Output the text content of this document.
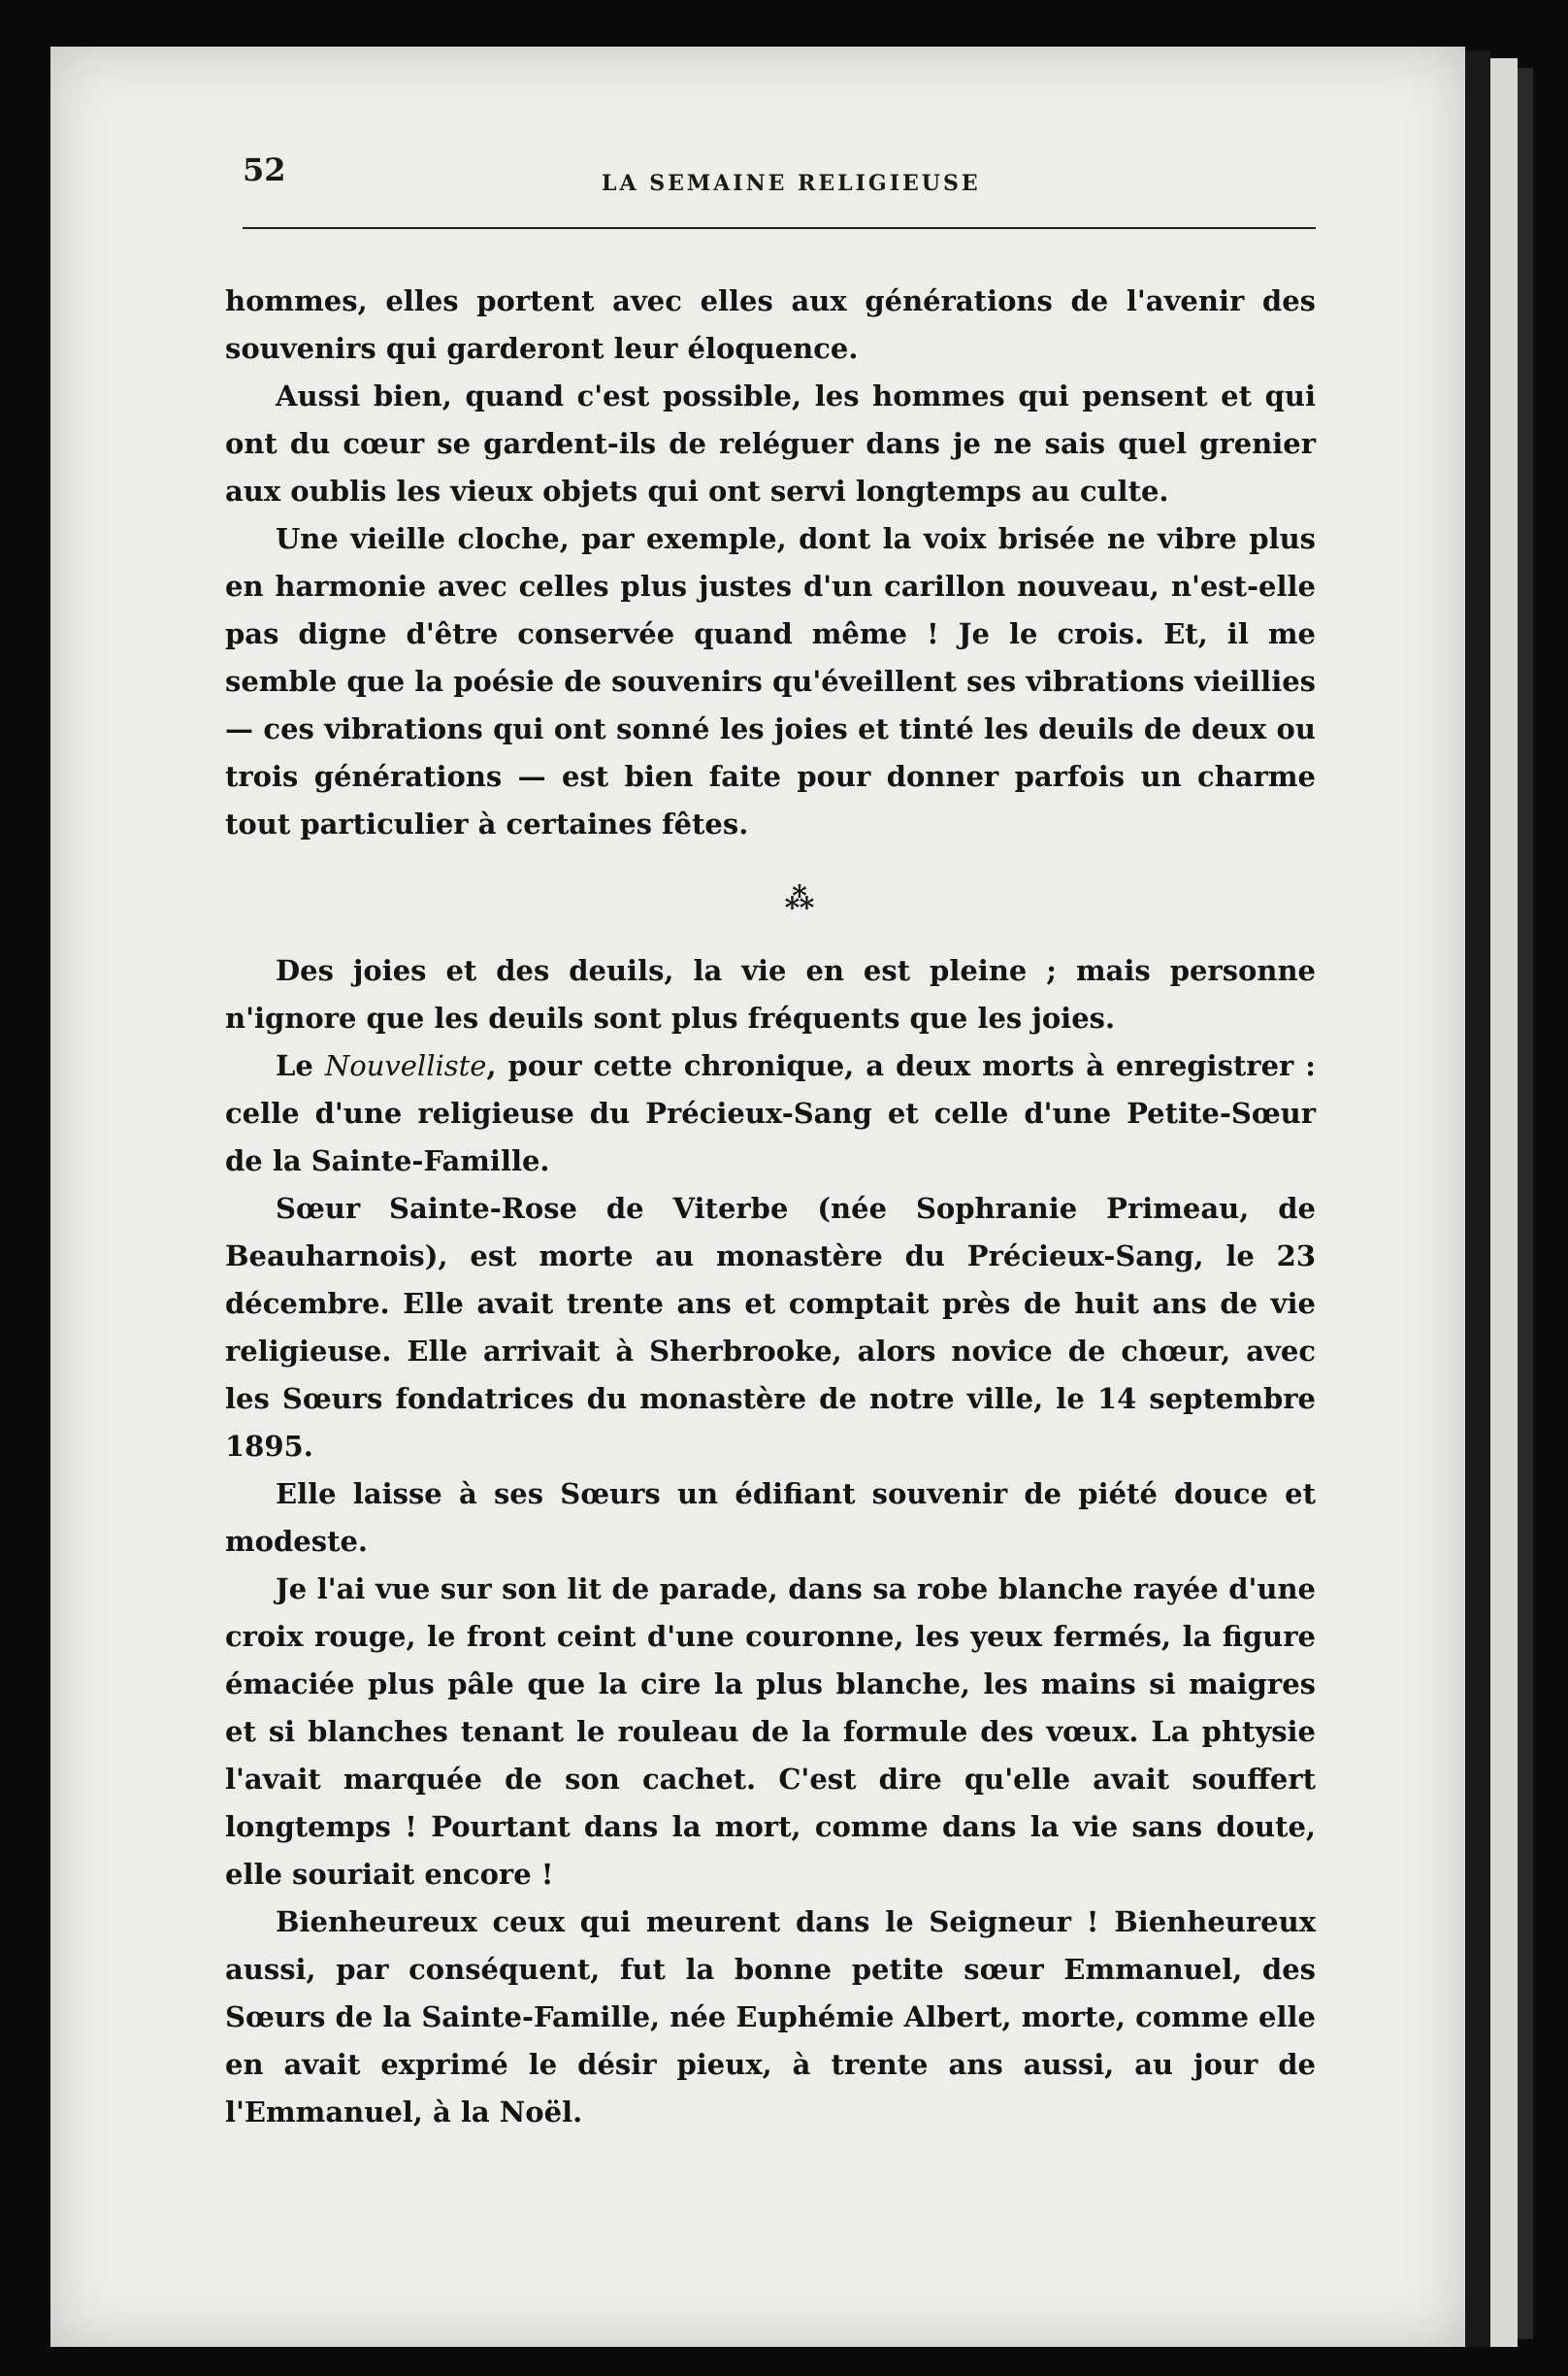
52	LA SEMAINE RELIGIEUSE

hommes, elles portent avec elles aux générations de l'avenir des souvenirs qui garderont leur éloquence.

Aussi bien, quand c'est possible, les hommes qui pensent et qui ont du cœur se gardent-ils de reléguer dans je ne sais quel grenier aux oublis les vieux objets qui ont servi longtemps au culte.

Une vieille cloche, par exemple, dont la voix brisée ne vibre plus en harmonie avec celles plus justes d'un carillon nouveau, n'est-elle pas digne d'être conservée quand même ! Je le crois. Et, il me semble que la poésie de souvenirs qu'éveillent ses vibrations vieillies — ces vibrations qui ont sonné les joies et tinté les deuils de deux ou trois générations — est bien faite pour donner parfois un charme tout particulier à certaines fêtes.

⁂

Des joies et des deuils, la vie en est pleine ; mais personne n'ignore que les deuils sont plus fréquents que les joies.

Le Nouvelliste, pour cette chronique, a deux morts à enregistrer : celle d'une religieuse du Précieux-Sang et celle d'une Petite-Sœur de la Sainte-Famille.

Sœur Sainte-Rose de Viterbe (née Sophranie Primeau, de Beauharnois), est morte au monastère du Précieux-Sang, le 23 décembre. Elle avait trente ans et comptait près de huit ans de vie religieuse. Elle arrivait à Sherbrooke, alors novice de chœur, avec les Sœurs fondatrices du monastère de notre ville, le 14 septembre 1895.

Elle laisse à ses Sœurs un édifiant souvenir de piété douce et modeste.

Je l'ai vue sur son lit de parade, dans sa robe blanche rayée d'une croix rouge, le front ceint d'une couronne, les yeux fermés, la figure émaciée plus pâle que la cire la plus blanche, les mains si maigres et si blanches tenant le rouleau de la formule des vœux. La phtysie l'avait marquée de son cachet. C'est dire qu'elle avait souffert longtemps ! Pourtant dans la mort, comme dans la vie sans doute, elle souriait encore !

Bienheureux ceux qui meurent dans le Seigneur ! Bienheureux aussi, par conséquent, fut la bonne petite sœur Emmanuel, des Sœurs de la Sainte-Famille, née Euphémie Albert, morte, comme elle en avait exprimé le désir pieux, à trente ans aussi, au jour de l'Emmanuel, à la Noël.
